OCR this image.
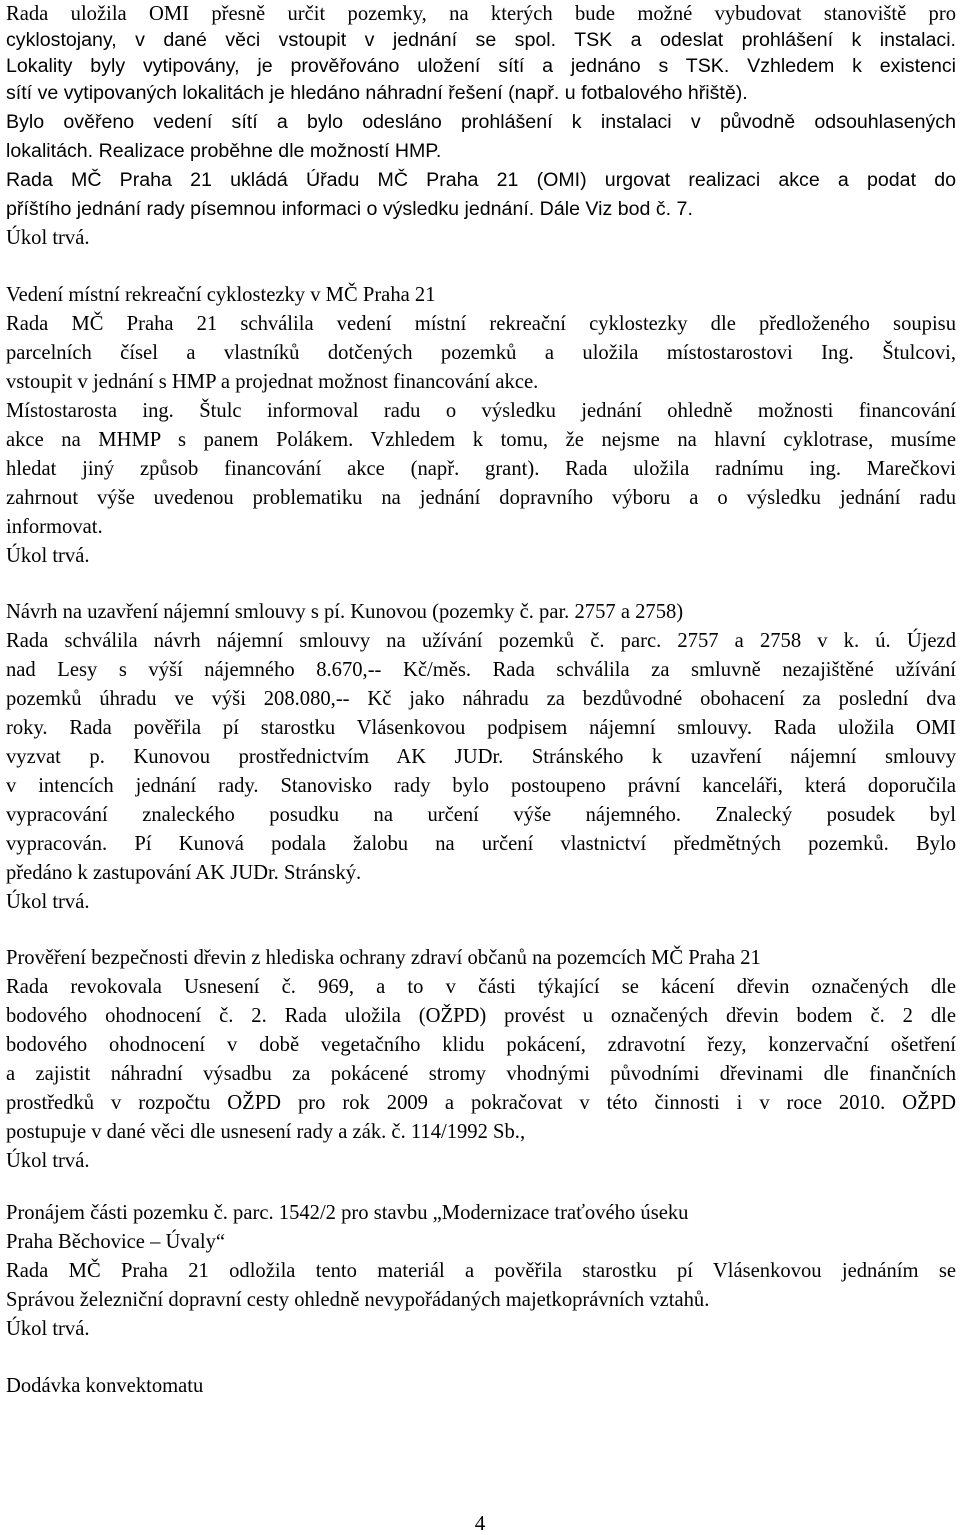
Rada uložila OMI přesně určit pozemky, na kterých bude možné vybudovat stanoviště pro
cyklostojany, v dané věci vstoupit v jednání se spol. TSK a odeslat prohlášení k instalaci.
Lokality byly vytipovány, je prověřováno uložení sítí a jednáno s TSK. Vzhledem k existenci
sítí ve vytipovaných lokalitách je hledáno náhradní řešení (např. u fotbalového hřiště).
Bylo ověřeno vedení sítí a bylo odesláno prohlášení k instalaci v původně odsouhlasených
lokalitách. Realizace proběhne dle možností HMP.
Rada MČ Praha 21 ukládá Úřadu MČ Praha 21 (OMI) urgovat realizaci akce a podat do
příštího jednání rady písemnou informaci o výsledku jednání. Dále Viz bod č. 7.
Úkol trvá.
Vedení místní rekreační cyklostezky v MČ Praha 21
Rada MČ Praha 21 schválila vedení místní rekreační cyklostezky dle předloženého soupisu
parcelních čísel a vlastníků dotčených pozemků a uložila místostarostovi Ing. Štulcovi,
vstoupit v jednání s HMP a projednat možnost financování akce.
Místostarosta ing. Štulc informoval radu o výsledku jednání ohledně možnosti financování
akce na MHMP s panem Polákem. Vzhledem k tomu, že nejsme na hlavní cyklotrase, musíme
hledat jiný způsob financování akce (např. grant). Rada uložila radnímu ing. Marečkovi
zahrnout výše uvedenou problematiku na jednání dopravního výboru a o výsledku jednání radu
informovat.
Úkol trvá.
Návrh na uzavření nájemní smlouvy s pí. Kunovou (pozemky č. par. 2757 a 2758)
Rada schválila návrh nájemní smlouvy na užívání pozemků č. parc. 2757 a 2758 v k. ú. Újezd
nad Lesy s výší nájemného 8.670,-- Kč/měs. Rada schválila za smluvně nezajištěné užívání
pozemků úhradu ve výši 208.080,-- Kč jako náhradu za bezdůvodné obohacení za poslední dva
roky. Rada pověřila pí starostku Vlásenkovou podpisem nájemní smlouvy. Rada uložila OMI
vyzvat p. Kunovou prostřednictvím AK JUDr. Stránského k uzavření nájemní smlouvy
v intencích jednání rady. Stanovisko rady bylo postoupeno právní kanceláři, která doporučila
vypracování znaleckého posudku na určení výše nájemného. Znalecký posudek byl
vypracován. Pí Kunová podala žalobu na určení vlastnictví předmětných pozemků. Bylo
předáno k zastupování AK JUDr. Stránský.
Úkol trvá.
Prověření bezpečnosti dřevin z hlediska ochrany zdraví občanů na pozemcích MČ Praha 21
Rada revokovala Usnesení č. 969, a to v části týkající se kácení dřevin označených dle
bodového ohodnocení č. 2. Rada uložila (OŽPD) provést u označených dřevin bodem č. 2 dle
bodového ohodnocení v době vegetačního klidu pokácení, zdravotní řezy, konzervační ošetření
a zajistit náhradní výsadbu za pokácené stromy vhodnými původními dřevinami dle finančních
prostředků v rozpočtu OŽPD pro rok 2009 a pokračovat v této činnosti i v roce 2010. OŽPD
postupuje v dané věci dle usnesení rady a zák. č. 114/1992 Sb.,
Úkol trvá.
Pronájem části pozemku č. parc. 1542/2 pro stavbu „Modernizace traťového úseku
Praha Běchovice – Úvaly“
Rada MČ Praha 21 odložila tento materiál a pověřila starostku pí Vlásenkovou jednáním se
Správou železniční dopravní cesty ohledně nevypořádaných majetkoprávních vztahů.
Úkol trvá.
Dodávka konvektomatu
4
